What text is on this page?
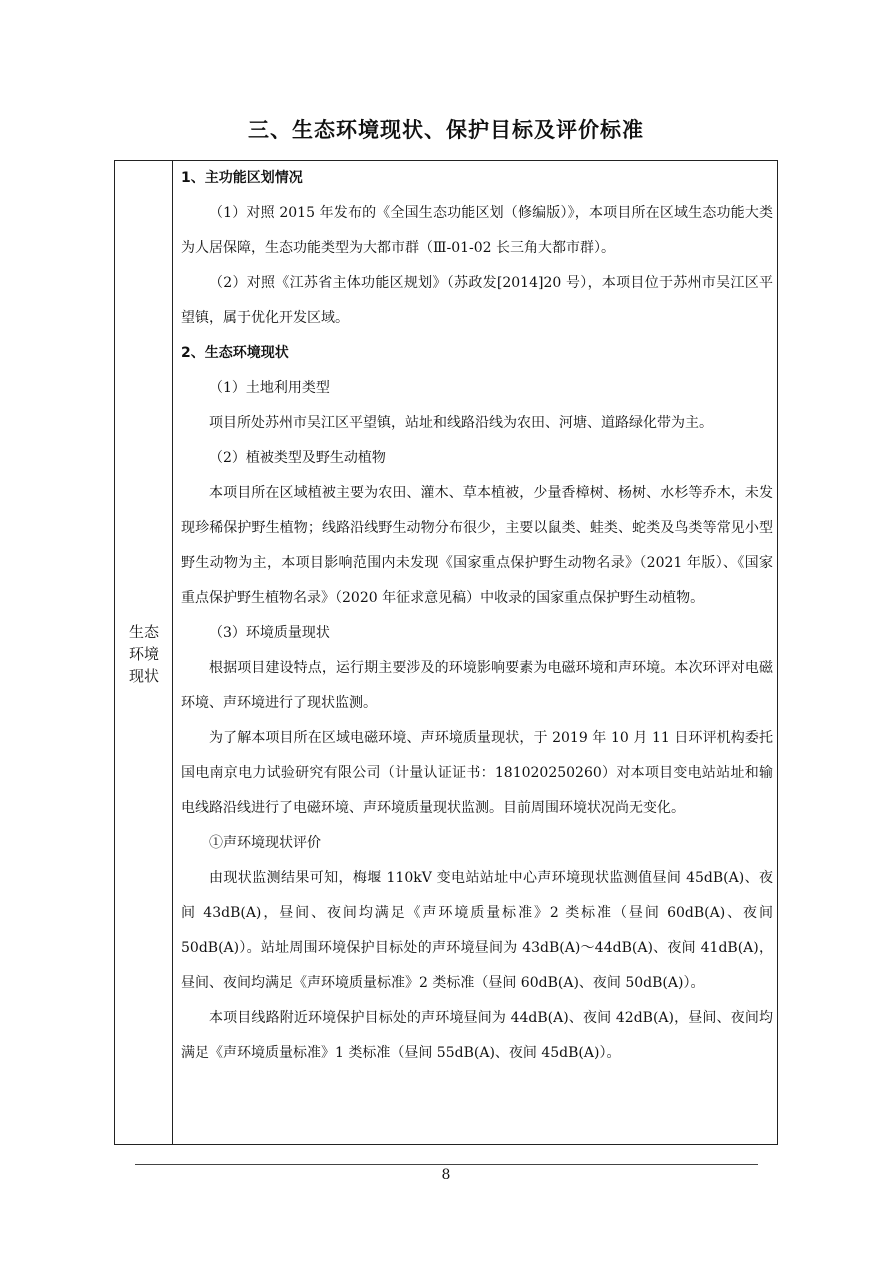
三、生态环境现状、保护目标及评价标准
生态
环境
现状

1、主功能区划情况

（1）对照 2015 年发布的《全国生态功能区划（修编版）》，本项目所在区域生态功能大类为人居保障，生态功能类型为大都市群（Ⅲ-01-02 长三角大都市群）。

（2）对照《江苏省主体功能区规划》（苏政发[2014]20 号），本项目位于苏州市吴江区平望镇，属于优化开发区域。

2、生态环境现状

（1）土地利用类型

项目所处苏州市吴江区平望镇，站址和线路沿线为农田、河塘、道路绿化带为主。

（2）植被类型及野生动植物

本项目所在区域植被主要为农田、灌木、草本植被，少量香樟树、杨树、水杉等乔木，未发现珍稀保护野生植物；线路沿线野生动物分布很少，主要以鼠类、蛙类、蛇类及鸟类等常见小型野生动物为主，本项目影响范围内未发现《国家重点保护野生动物名录》（2021 年版）、《国家重点保护野生植物名录》（2020 年征求意见稿）中收录的国家重点保护野生动植物。

（3）环境质量现状

根据项目建设特点，运行期主要涉及的环境影响要素为电磁环境和声环境。本次环评对电磁环境、声环境进行了现状监测。

为了解本项目所在区域电磁环境、声环境质量现状，于 2019 年 10 月 11 日环评机构委托国电南京电力试验研究有限公司（计量认证证书：181020250260）对本项目变电站站址和输电线路沿线进行了电磁环境、声环境质量现状监测。目前周围环境状况尚无变化。

①声环境现状评价

由现状监测结果可知，梅堰 110kV 变电站站址中心声环境现状监测值昼间 45dB(A)、夜间 43dB(A)，昼间、夜间均满足《声环境质量标准》2 类标准（昼间 60dB(A)、夜间 50dB(A)）。站址周围环境保护目标处的声环境昼间为 43dB(A)～44dB(A)、夜间 41dB(A)，昼间、夜间均满足《声环境质量标准》2 类标准（昼间 60dB(A)、夜间 50dB(A)）。

本项目线路附近环境保护目标处的声环境昼间为 44dB(A)、夜间 42dB(A)，昼间、夜间均满足《声环境质量标准》1 类标准（昼间 55dB(A)、夜间 45dB(A)）。

8
